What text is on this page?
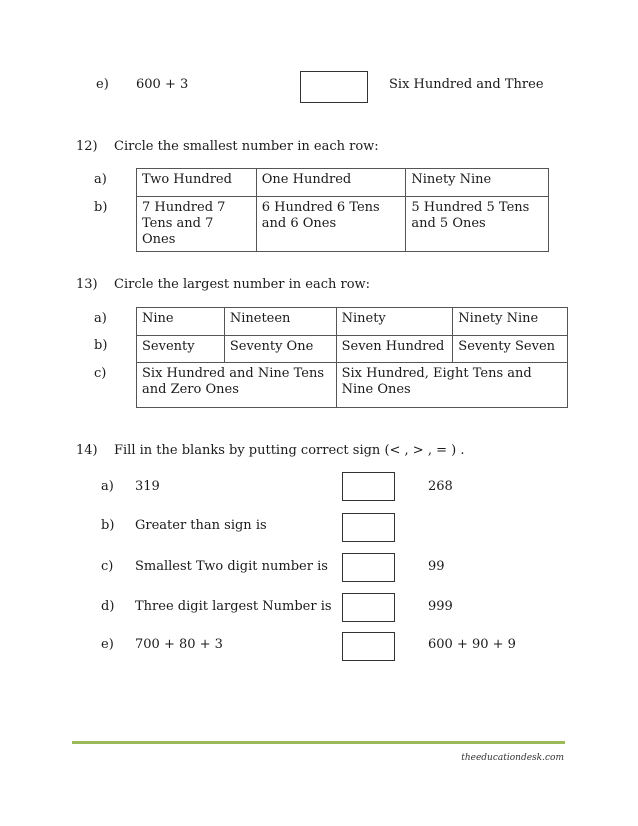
e) 600 + 3	Six Hundred and Three
12) Circle the smallest number in each row:
a)
b)
Two Hundred	One Hundred	Ninety Nine
7 Hundred 7 Tens and 7 Ones	6 Hundred 6 Tens and 6 Ones	5 Hundred 5 Tens and 5 Ones
13) Circle the largest number in each row:
a)
b)
c)
Nine	Nineteen	Ninety	Ninety Nine
Seventy	Seventy One	Seven Hundred	Seventy Seven
Six Hundred and Nine Tens and Zero Ones		Six Hundred, Eight Tens and Nine Ones	
14) Fill in the blanks by putting correct sign (< , > , = ) .
a) 319	268
b) Greater than sign is
c) Smallest Two digit number is	99
d) Three digit largest Number is	999
e) 700 + 80 + 3	600 + 90 + 9
theeducationdesk.com
